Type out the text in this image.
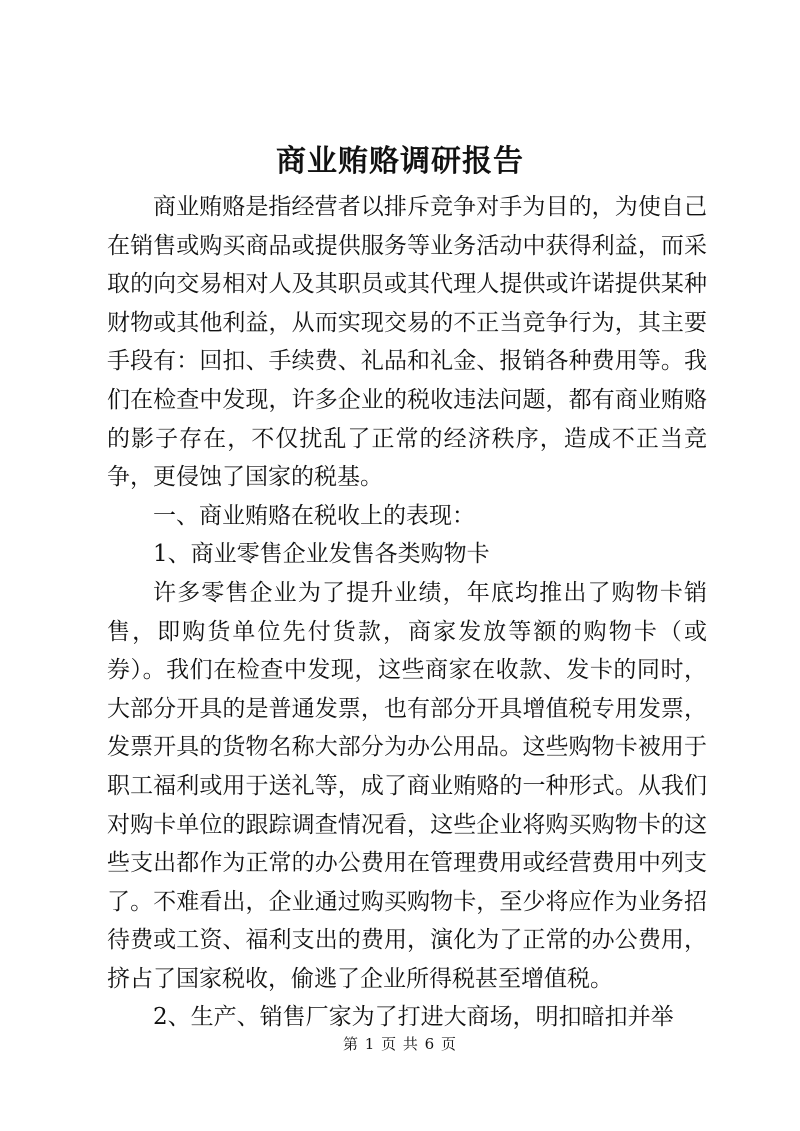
商业贿赂调研报告

商业贿赂是指经营者以排斥竞争对手为目的，为使自己在销售或购买商品或提供服务等业务活动中获得利益，而采取的向交易相对人及其职员或其代理人提供或许诺提供某种财物或其他利益，从而实现交易的不正当竞争行为，其主要手段有：回扣、手续费、礼品和礼金、报销各种费用等。我们在检查中发现，许多企业的税收违法问题，都有商业贿赂的影子存在，不仅扰乱了正常的经济秩序，造成不正当竞争，更侵蚀了国家的税基。

一、商业贿赂在税收上的表现：

1、商业零售企业发售各类购物卡

许多零售企业为了提升业绩，年底均推出了购物卡销售，即购货单位先付货款，商家发放等额的购物卡（或券）。我们在检查中发现，这些商家在收款、发卡的同时，大部分开具的是普通发票，也有部分开具增值税专用发票，发票开具的货物名称大部分为办公用品。这些购物卡被用于职工福利或用于送礼等，成了商业贿赂的一种形式。从我们对购卡单位的跟踪调查情况看，这些企业将购买购物卡的这些支出都作为正常的办公费用在管理费用或经营费用中列支了。不难看出，企业通过购买购物卡，至少将应作为业务招待费或工资、福利支出的费用，演化为了正常的办公费用，挤占了国家税收，偷逃了企业所得税甚至增值税。

2、生产、销售厂家为了打进大商场，明扣暗扣并举

第 1 页 共 6 页
